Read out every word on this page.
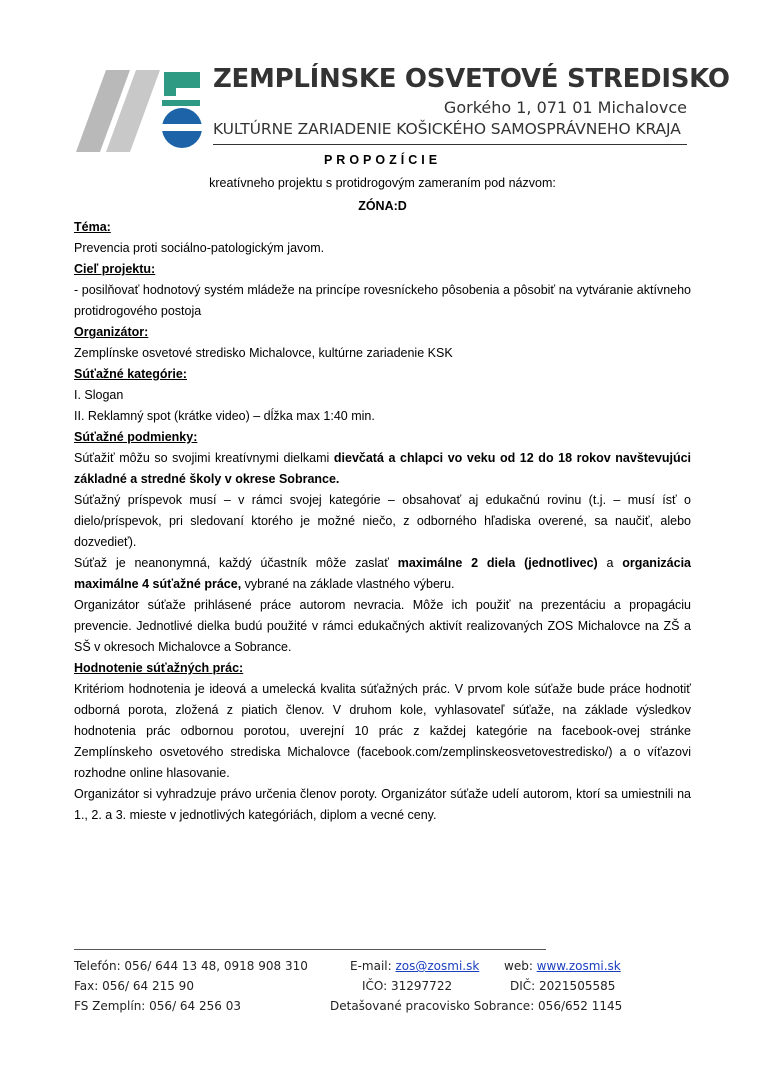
ZEMPLÍNSKE OSVETOVÉ STREDISKO
Gorkého 1, 071 01 Michalovce
KULTÚRNE ZARIADENIE KOŠICKÉHO SAMOSPRÁVNEHO KRAJA

PROPOZÍCIE

kreatívneho projektu s protidrogovým zameraním pod názvom:

ZÓNA:D

Téma:

Prevencia proti sociálno-patologickým javom.

Cieľ projektu:

- posilňovať hodnotový systém mládeže na princípe rovesníckeho pôsobenia a pôsobiť na vytváranie aktívneho protidrogového postoja

Organizátor:

Zemplínske osvetové stredisko Michalovce, kultúrne zariadenie KSK

Súťažné kategórie:

I. Slogan

II. Reklamný spot (krátke video) – dĺžka max 1:40 min.

Súťažné podmienky:

Súťažiť môžu so svojimi kreatívnymi dielkami dievčatá a chlapci vo veku od 12 do 18 rokov navštevujúci základné a stredné školy v okrese Sobrance.

Súťažný príspevok musí – v rámci svojej kategórie – obsahovať aj edukačnú rovinu (t.j. – musí ísť o dielo/príspevok, pri sledovaní ktorého je možné niečo, z odborného hľadiska overené, sa naučiť, alebo dozvedieť).

Súťaž je neanonymná, každý účastník môže zaslať maximálne 2 diela (jednotlivec) a organizácia maximálne 4 súťažné práce, vybrané na základe vlastného výberu.

Organizátor súťaže prihlásené práce autorom nevracia. Môže ich použiť na prezentáciu a propagáciu prevencie. Jednotlivé dielka budú použité v rámci edukačných aktivít realizovaných ZOS Michalovce na ZŠ a SŠ v okresoch Michalovce a Sobrance.

Hodnotenie súťažných prác:

Kritériom hodnotenia je ideová a umelecká kvalita súťažných prác. V prvom kole súťaže bude práce hodnotiť odborná porota, zložená z piatich členov. V druhom kole, vyhlasovateľ súťaže, na základe výsledkov hodnotenia prác odbornou porotou, uverejní 10 prác z každej kategórie na facebook-ovej stránke Zemplínskeho osvetového strediska Michalovce (facebook.com/zemplinskeosvetovestredisko/) a o víťazovi rozhodne online hlasovanie.

Organizátor si vyhradzuje právo určenia členov poroty. Organizátor súťaže udelí autorom, ktorí sa umiestnili na 1., 2. a 3. mieste v jednotlivých kategóriách, diplom a vecné ceny.

Telefón: 056/ 644 13 48, 0918 908 310	E-mail: zos@zosmi.sk web: www.zosmi.sk
Fax: 056/ 64 215 90	IČO: 31297722	DIČ: 2021505585
FS Zemplín: 056/ 64 256 03	Detašované pracovisko Sobrance: 056/652 1145
